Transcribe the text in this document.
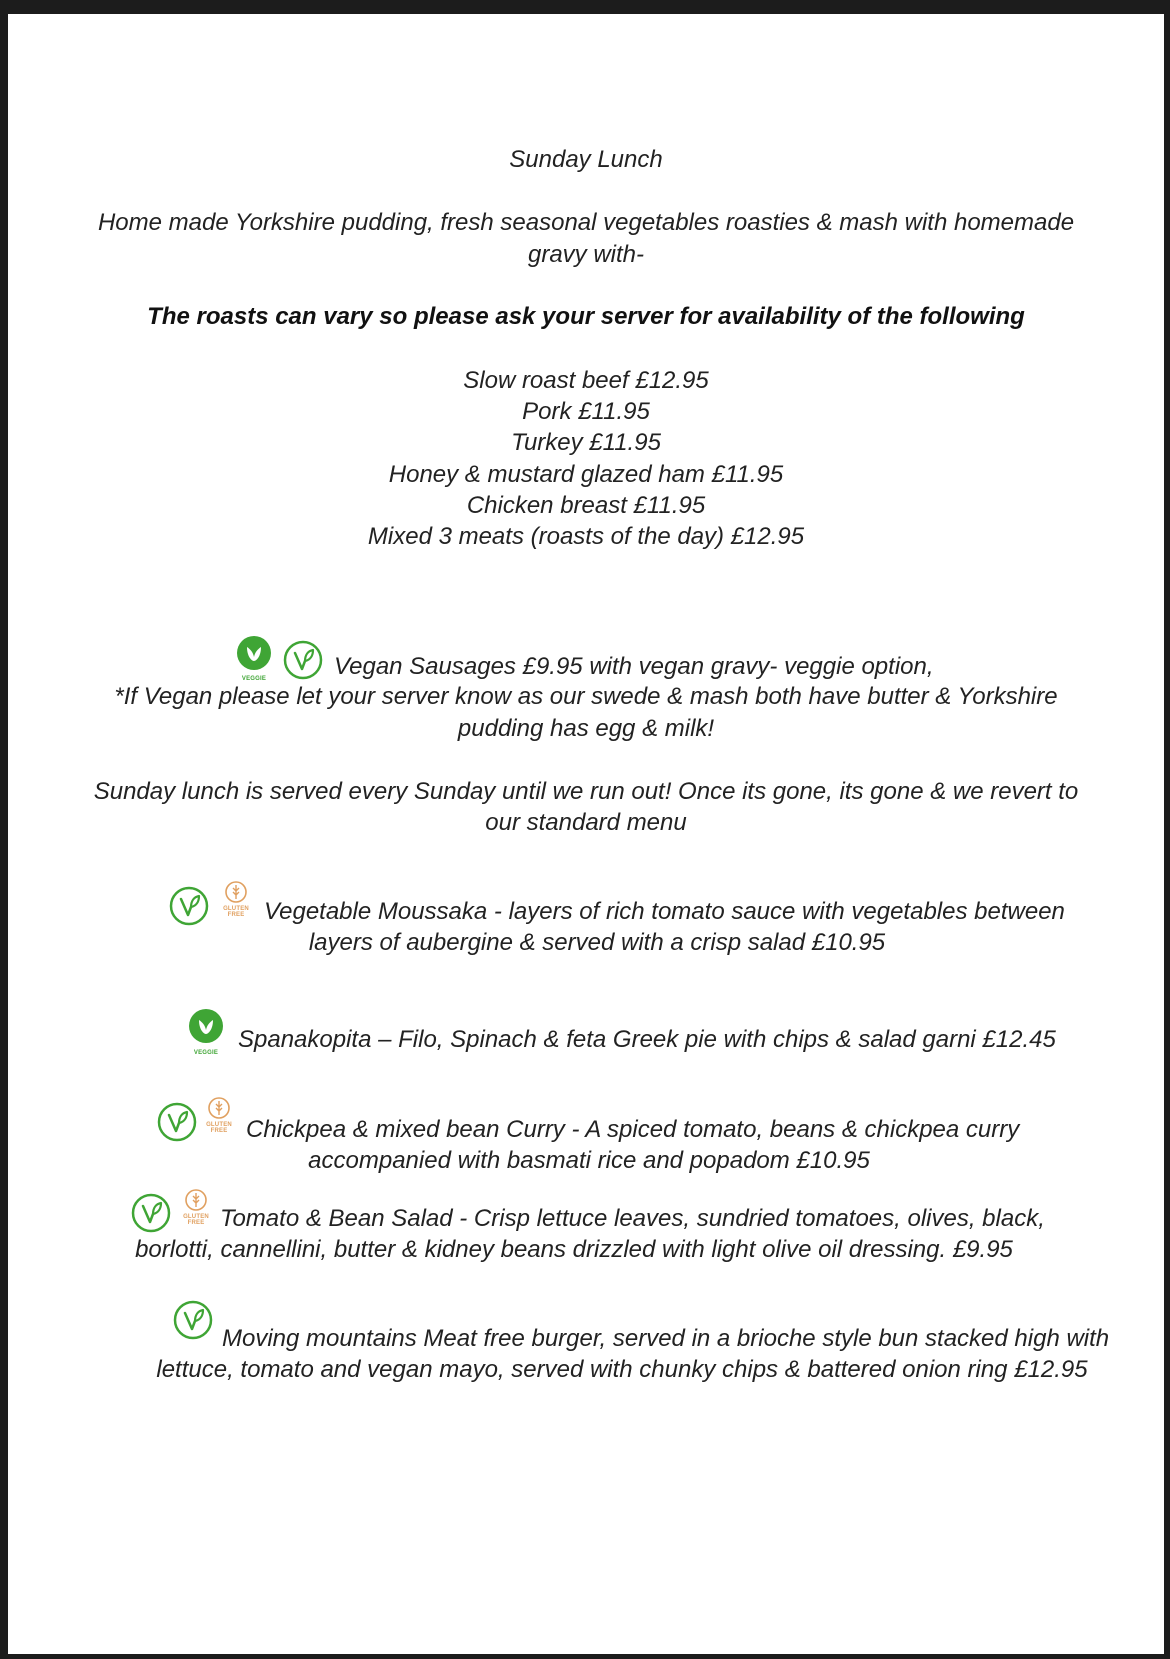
Sunday Lunch
Home made Yorkshire pudding, fresh seasonal vegetables roasties & mash with homemade
gravy with-
The roasts can vary so please ask your server for availability of the following
Slow roast beef £12.95
Pork £11.95
Turkey £11.95
Honey & mustard glazed ham £11.95
Chicken breast £11.95
Mixed 3 meats (roasts of the day) £12.95
VEGGIE	Vegan Sausages £9.95 with vegan gravy- veggie option,
*If Vegan please let your server know as our swede & mash both have butter & Yorkshire
pudding has egg & milk!
Sunday lunch is served every Sunday until we run out! Once its gone, its gone & we revert to
our standard menu
GLUTEN
FREE Vegetable Moussaka - layers of rich tomato sauce with vegetables between
layers of aubergine & served with a crisp salad £10.95
VEGGIE Spanakopita – Filo, Spinach & feta Greek pie with chips & salad garni £12.45
GLUTEN
FREE Chickpea & mixed bean Curry - A spiced tomato, beans & chickpea curry
accompanied with basmati rice and popadom £10.95
GLUTEN
FREE Tomato & Bean Salad - Crisp lettuce leaves, sundried tomatoes, olives, black,
borlotti, cannellini, butter & kidney beans drizzled with light olive oil dressing. £9.95
Moving mountains Meat free burger, served in a brioche style bun stacked high with
lettuce, tomato and vegan mayo, served with chunky chips & battered onion ring £12.95
